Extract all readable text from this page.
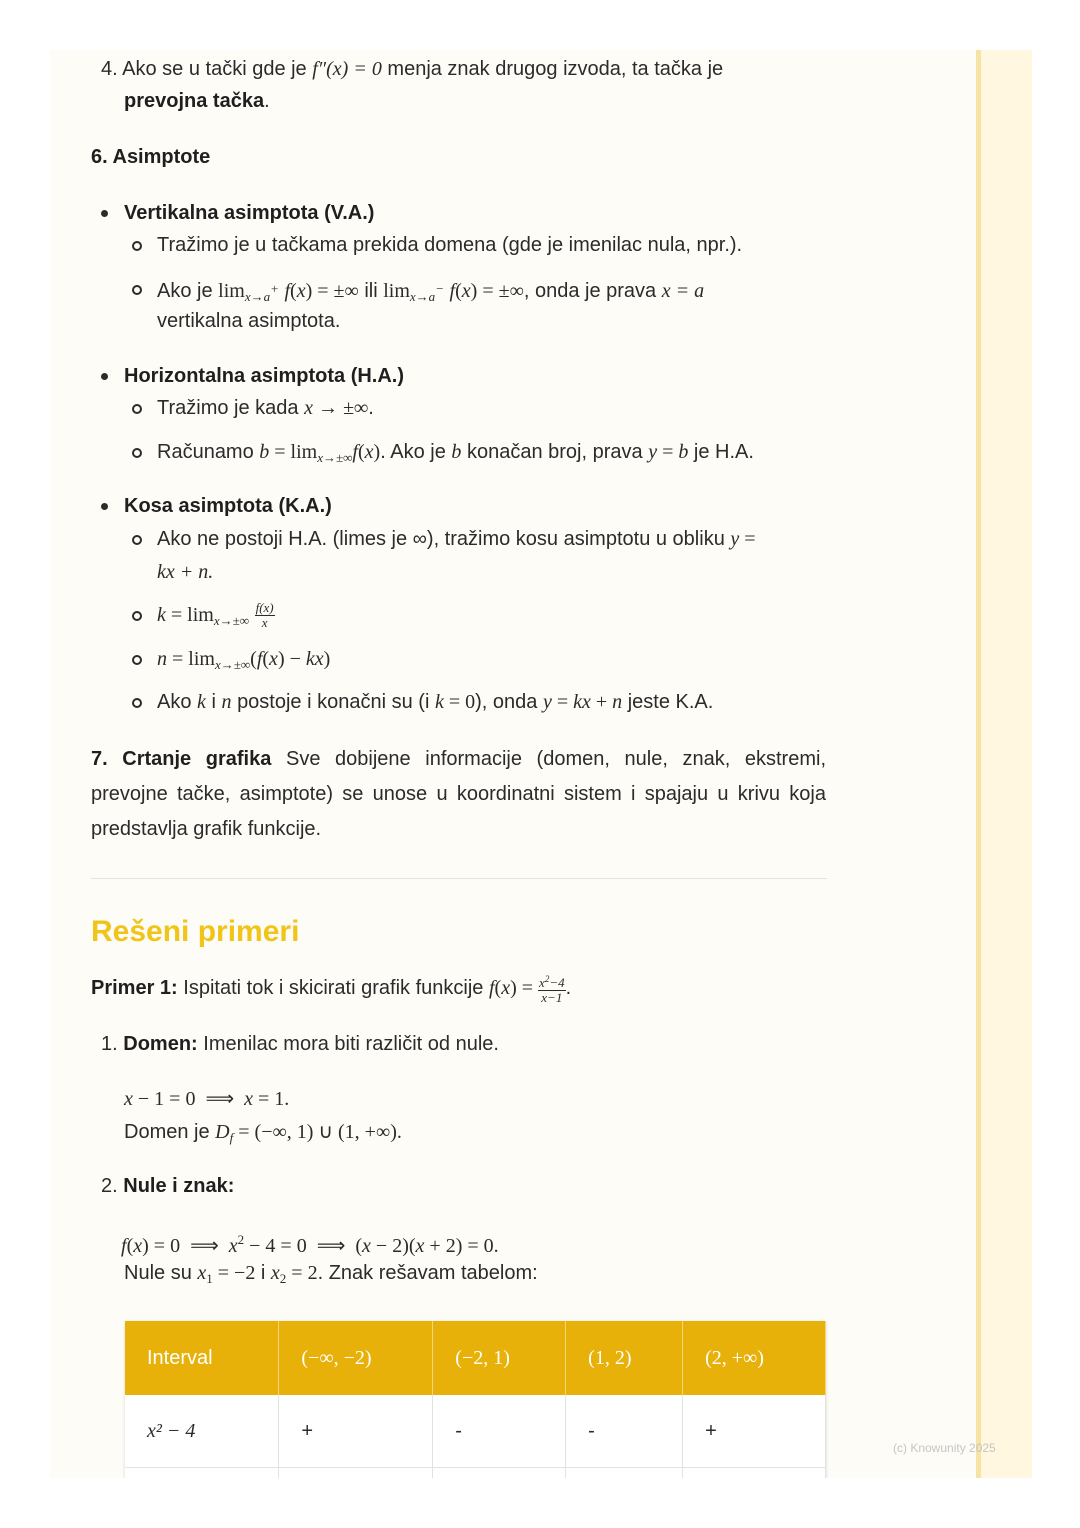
4. Ako se u tački gde je f″(x) = 0 menja znak drugog izvoda, ta tačka je
prevojna tačka.
6. Asimptote
Vertikalna asimptota (V.A.)
Tražimo je u tačkama prekida domena (gde je imenilac nula, npr.).
Ako je $\lim_{x\to a^+} f(x)$ = ±∞ ili $\lim_{x\to a^-} f(x)$ = ±∞, onda je prava x = a
vertikalna asimptota.
Horizontalna asimptota (H.A.)
Tražimo je kada x → ±∞.
Računamo $b = \lim_{x\to\pm\infty}f(x)$. Ako je b konačan broj, prava y = b je H.A.
Kosa asimptota (K.A.)
Ako ne postoji H.A. (limes je ∞), tražimo kosu asimptotu u obliku y =
kx + n.
$k = \lim_{x\to\pm\infty} \frac{f(x)}{x}$
$n = \lim_{x\to\pm\infty}(f(x) - kx)$
Ako k i n postoje i konačni su (i k = 0), onda y = kx + n jeste K.A.
7. Crtanje grafika Sve dobijene informacije (domen, nule, znak, ekstremi, prevojne tačke, asimptote) se unose u koordinatni sistem i spajaju u krivu koja predstavlja grafik funkcije.
Rešeni primeri
Primer 1: Ispitati tok i skicirati grafik funkcije $f(x) = \frac{x^2-4}{x-1}$ .
1. Domen: Imenilac mora biti različit od nule.
x − 1 = 0  ⟹  x = 1.
Domen je $D_f$ = (−∞, 1) ∪ (1, +∞).
2. Nule i znak:
f(x) = 0  ⟹  $x^2 - 4 = 0$  ⟹  (x − 2)(x + 2) = 0.
Nule su $x_1 = -2$ i $x_2 = 2$. Znak rešavam tabelom:
Interval	(−∞, −2)	(−2, 1)	(1, 2)	(2, +∞)
x² − 4	+	-	-	+

(c) Knowunity 2025
